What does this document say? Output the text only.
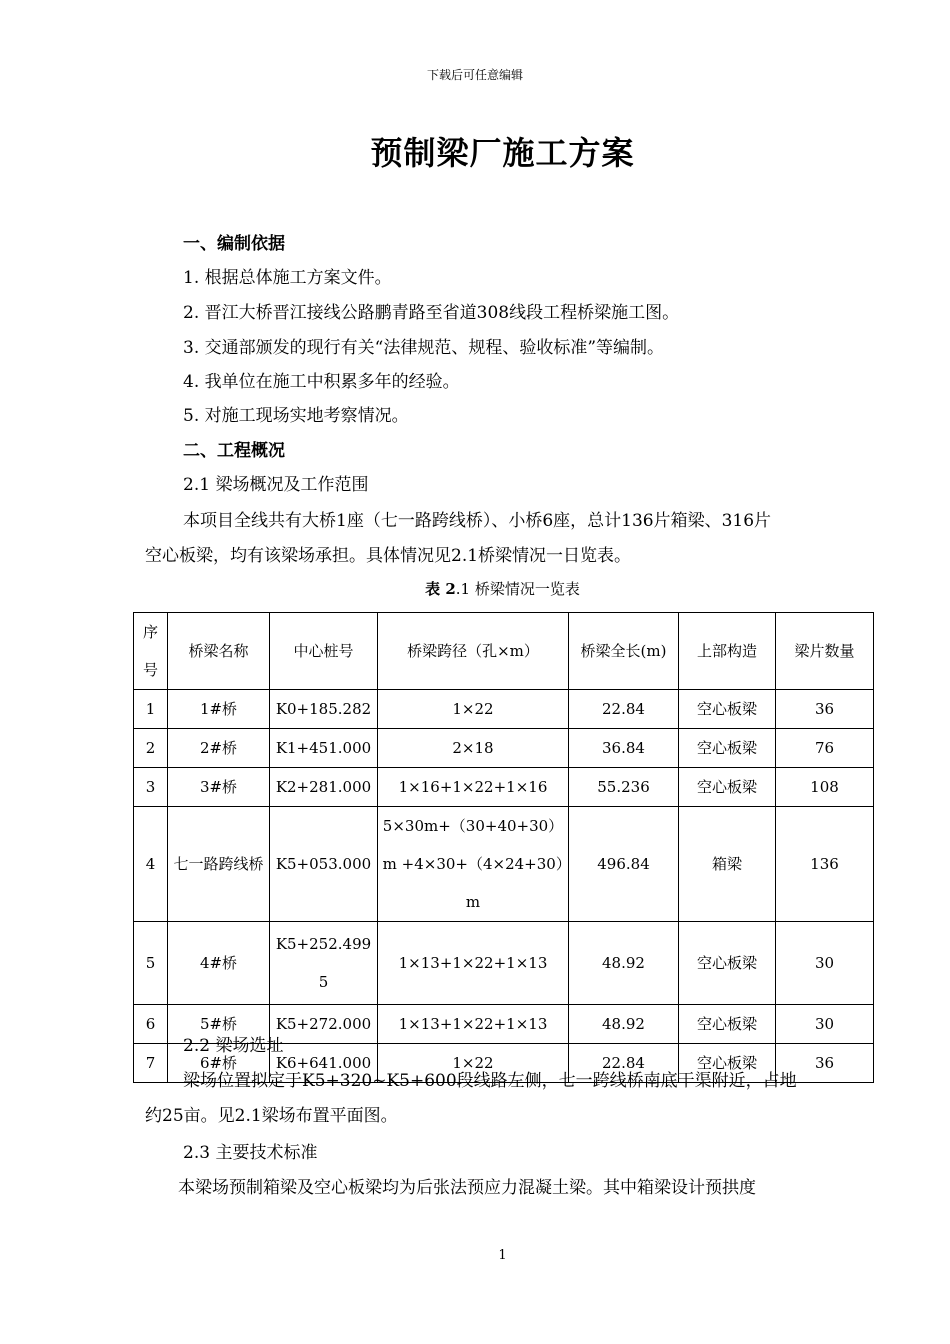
下载后可任意编辑
预制梁厂施工方案
一、编制依据
1. 根据总体施工方案文件。
2. 晋江大桥晋江接线公路鹏青路至省道308线段工程桥梁施工图。
3. 交通部颁发的现行有关“法律规范、规程、验收标准”等编制。
4. 我单位在施工中积累多年的经验。
5. 对施工现场实地考察情况。
二、工程概况
2.1 梁场概况及工作范围
本项目全线共有大桥1座（七一路跨线桥）、小桥6座，总计136片箱梁、316片
空心板梁，均有该梁场承担。具体情况见2.1桥梁情况一日览表。
表 2.1 桥梁情况一览表
序号	桥梁名称	中心桩号	桥梁跨径（孔×m）	桥梁全长(m)	上部构造	梁片数量
1	1#桥	K0+185.282	1×22	22.84	空心板梁	36
2	2#桥	K1+451.000	2×18	36.84	空心板梁	76
3	3#桥	K2+281.000	1×16+1×22+1×16	55.236	空心板梁	108
4	七一路跨线桥	K5+053.000	5×30m+（30+40+30）m +4×30+（4×24+30）m	496.84	箱梁	136
5	4#桥	K5+252.4995	1×13+1×22+1×13	48.92	空心板梁	30
6	5#桥	K5+272.000	1×13+1×22+1×13	48.92	空心板梁	30
7	6#桥	K6+641.000	1×22	22.84	空心板梁	36
2.2 梁场选址
梁场位置拟定于K5+320~K5+600段线路左侧，七一跨线桥南底干渠附近，占地
约25亩。见2.1梁场布置平面图。
2.3 主要技术标准
本梁场预制箱梁及空心板梁均为后张法预应力混凝土梁。其中箱梁设计预拱度
1
